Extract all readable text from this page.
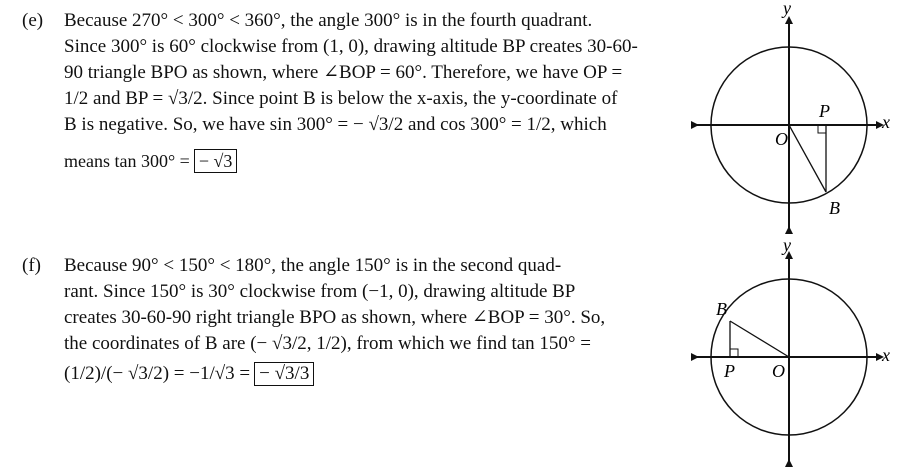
(e)	Because 270° < 300° < 360°, the angle 300° is in the fourth quadrant.
Since 300° is 60° clockwise from (1, 0), drawing altitude BP creates 30-60-
90 triangle BPO as shown, where ∠BOP = 60°. Therefore, we have OP =
1/2 and BP = √3/2. Since point B is below the x-axis, the y-coordinate of
B is negative. So, we have sin 300° = − √3/2 and cos 300° = 1/2, which
means tan 300° = − √3
(f)	Because 90° < 150° < 180°, the angle 150° is in the second quad-
rant. Since 150° is 30° clockwise from (−1, 0), drawing altitude BP
creates 30-60-90 right triangle BPO as shown, where ∠BOP = 30°. So,
the coordinates of B are (− √3/2, 1/2), from which we find tan 150° =
(1/2)/(− √3/2) = −1/√3 = − √3/3
y
x
O
P
B
y
x
O
P
B
